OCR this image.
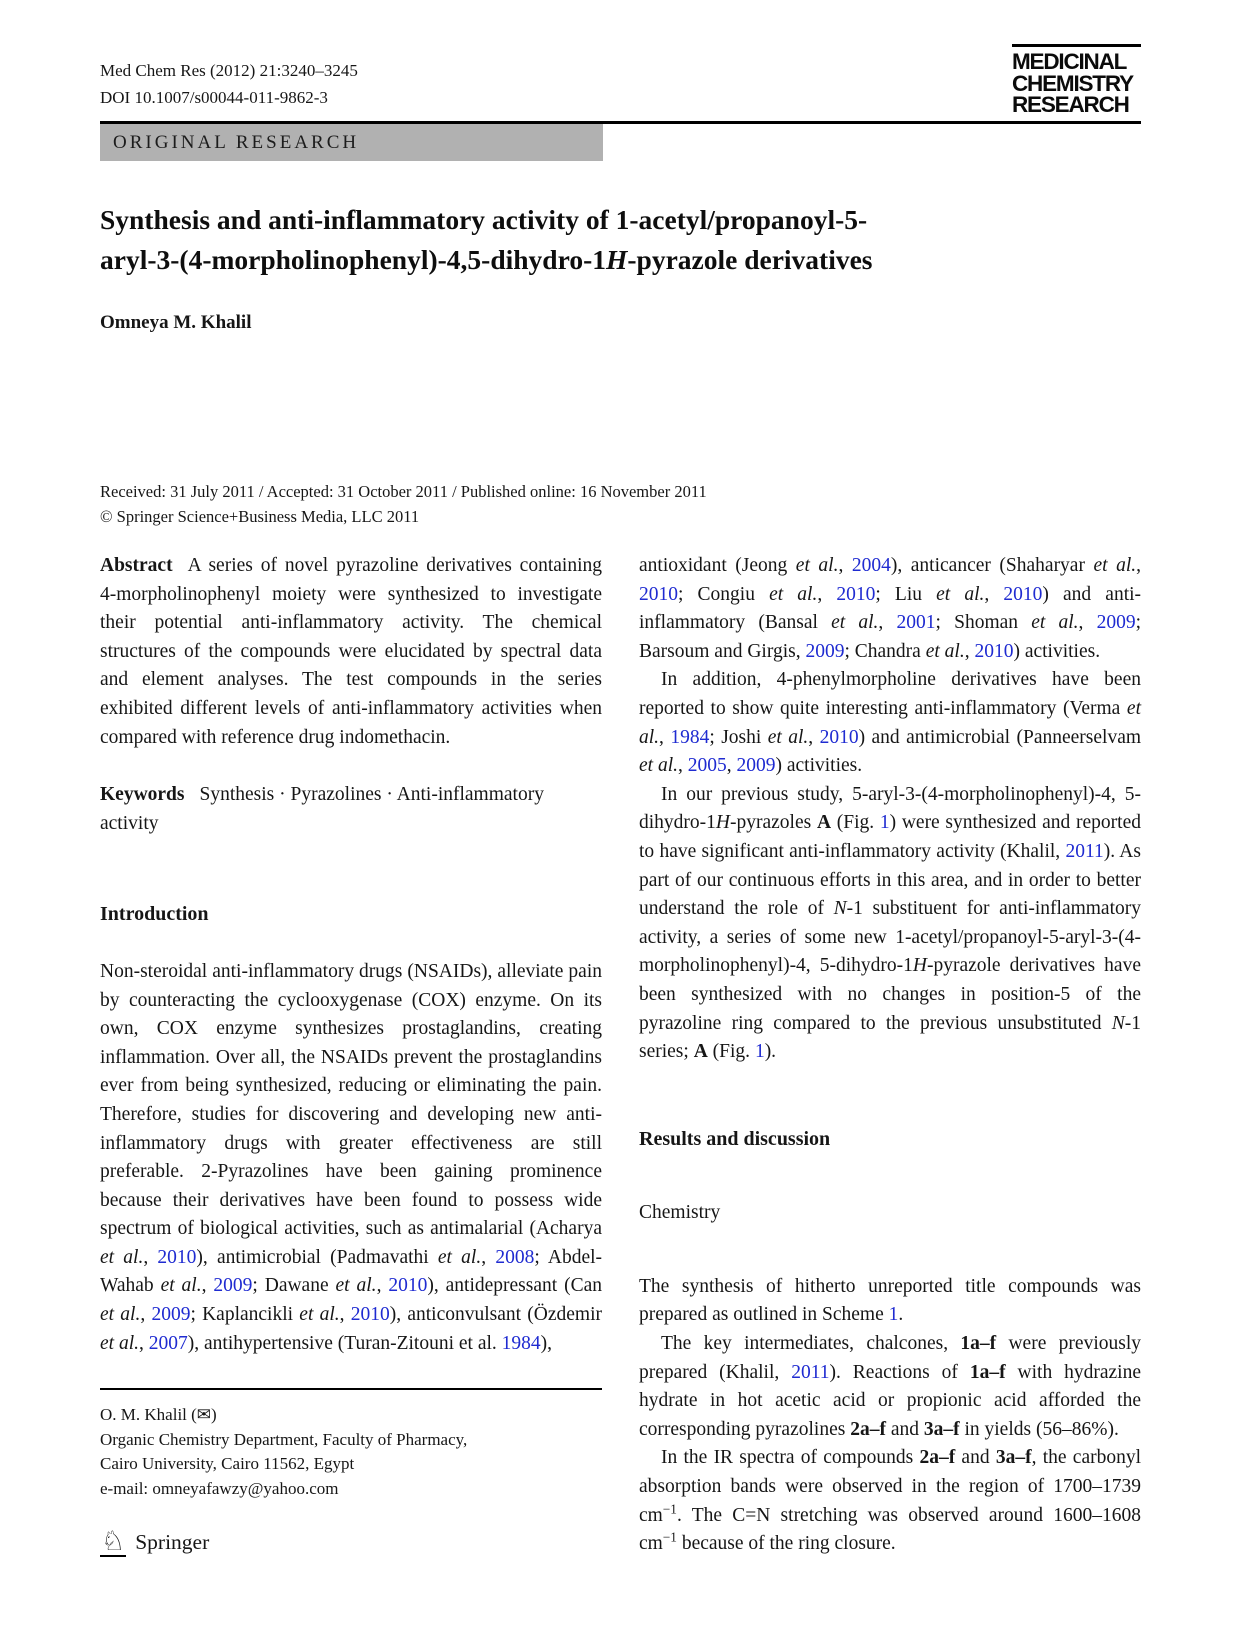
Med Chem Res (2012) 21:3240–3245
DOI 10.1007/s00044-011-9862-3
MEDICINAL
CHEMISTRY
RESEARCH
ORIGINAL RESEARCH
Synthesis and anti-inflammatory activity of 1-acetyl/propanoyl-5-
aryl-3-(4-morpholinophenyl)-4,5-dihydro-1H-pyrazole derivatives
Omneya M. Khalil
Received: 31 July 2011 / Accepted: 31 October 2011 / Published online: 16 November 2011
© Springer Science+Business Media, LLC 2011

Abstract A series of novel pyrazoline derivatives containing 4-morpholinophenyl moiety were synthesized to investigate their potential anti-inflammatory activity. The chemical structures of the compounds were elucidated by spectral data and element analyses. The test compounds in the series exhibited different levels of anti-inflammatory activities when compared with reference drug indomethacin.

Keywords Synthesis · Pyrazolines · Anti-inflammatory activity

Introduction

Non-steroidal anti-inflammatory drugs (NSAIDs), alleviate pain by counteracting the cyclooxygenase (COX) enzyme. On its own, COX enzyme synthesizes prostaglandins, creating inflammation. Over all, the NSAIDs prevent the prostaglandins ever from being synthesized, reducing or eliminating the pain. Therefore, studies for discovering and developing new anti-inflammatory drugs with greater effectiveness are still preferable. 2-Pyrazolines have been gaining prominence because their derivatives have been found to possess wide spectrum of biological activities, such as antimalarial (Acharya et al., 2010), antimicrobial (Padmavathi et al., 2008; Abdel-Wahab et al., 2009; Dawane et al., 2010), antidepressant (Can et al., 2009; Kaplancikli et al., 2010), anticonvulsant (Özdemir et al., 2007), antihypertensive (Turan-Zitouni et al. 1984),

O. M. Khalil (✉)
Organic Chemistry Department, Faculty of Pharmacy,
Cairo University, Cairo 11562, Egypt
e-mail: omneyafawzy@yahoo.com

antioxidant (Jeong et al., 2004), anticancer (Shaharyar et al., 2010; Congiu et al., 2010; Liu et al., 2010) and anti-inflammatory (Bansal et al., 2001; Shoman et al., 2009; Barsoum and Girgis, 2009; Chandra et al., 2010) activities.

In addition, 4-phenylmorpholine derivatives have been reported to show quite interesting anti-inflammatory (Verma et al., 1984; Joshi et al., 2010) and antimicrobial (Panneerselvam et al., 2005, 2009) activities.

In our previous study, 5-aryl-3-(4-morpholinophenyl)-4, 5-dihydro-1H-pyrazoles A (Fig. 1) were synthesized and reported to have significant anti-inflammatory activity (Khalil, 2011). As part of our continuous efforts in this area, and in order to better understand the role of N-1 substituent for anti-inflammatory activity, a series of some new 1-acetyl/propanoyl-5-aryl-3-(4-morpholinophenyl)-4, 5-dihydro-1H-pyrazole derivatives have been synthesized with no changes in position-5 of the pyrazoline ring compared to the previous unsubstituted N-1 series; A (Fig. 1).

Results and discussion

Chemistry

The synthesis of hitherto unreported title compounds was prepared as outlined in Scheme 1.

The key intermediates, chalcones, 1a–f were previously prepared (Khalil, 2011). Reactions of 1a–f with hydrazine hydrate in hot acetic acid or propionic acid afforded the corresponding pyrazolines 2a–f and 3a–f in yields (56–86%).

In the IR spectra of compounds 2a–f and 3a–f, the carbonyl absorption bands were observed in the region of 1700–1739 $cm^{-1}$. The C=N stretching was observed around 1600–1608 $cm^{-1}$ because of the ring closure.

♘ Springer
